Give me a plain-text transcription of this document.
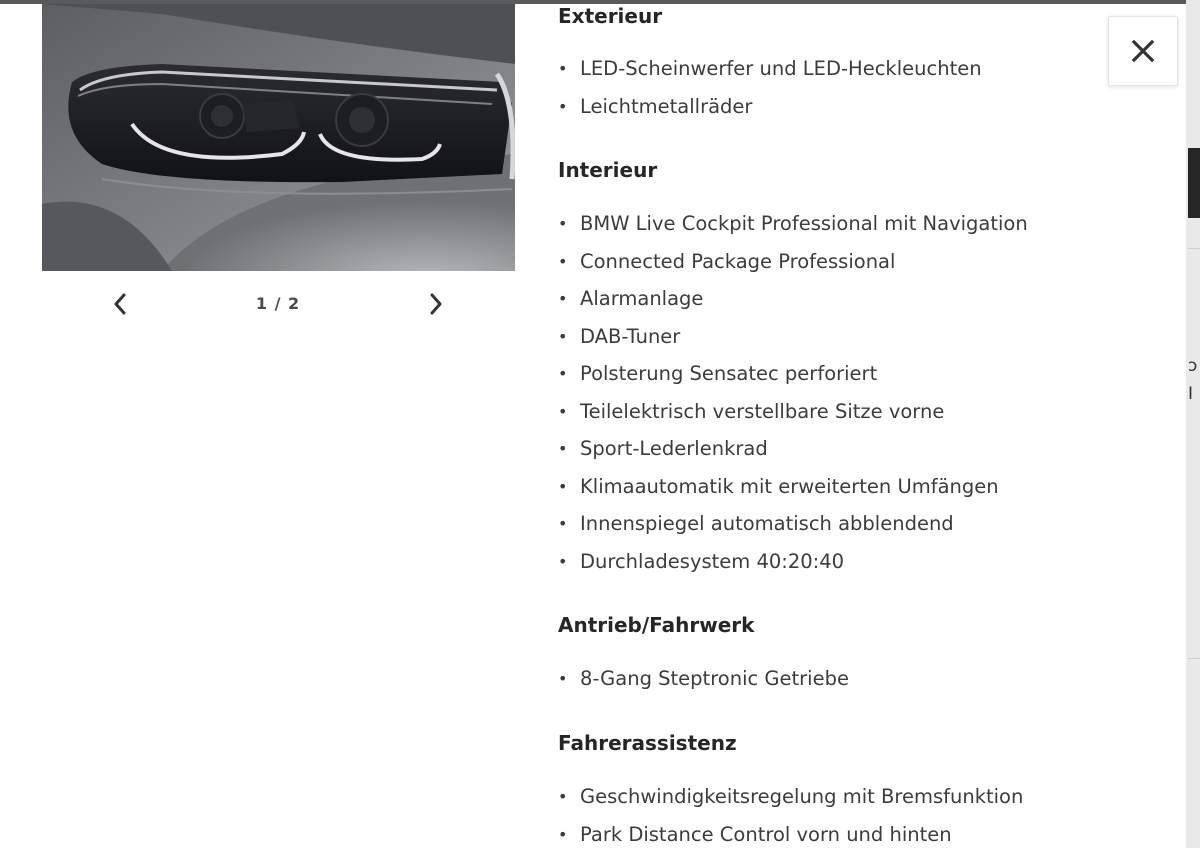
ɔ
I
1 / 2
Exterieur
• LED-Scheinwerfer und LED-Heckleuchten
• Leichtmetallräder
Interieur
• BMW Live Cockpit Professional mit Navigation
• Connected Package Professional
• Alarmanlage
• DAB-Tuner
• Polsterung Sensatec perforiert
• Teilelektrisch verstellbare Sitze vorne
• Sport-Lederlenkrad
• Klimaautomatik mit erweiterten Umfängen
• Innenspiegel automatisch abblendend
• Durchladesystem 40:20:40
Antrieb/Fahrwerk
• 8-Gang Steptronic Getriebe
Fahrerassistenz
• Geschwindigkeitsregelung mit Bremsfunktion
• Park Distance Control vorn und hinten
